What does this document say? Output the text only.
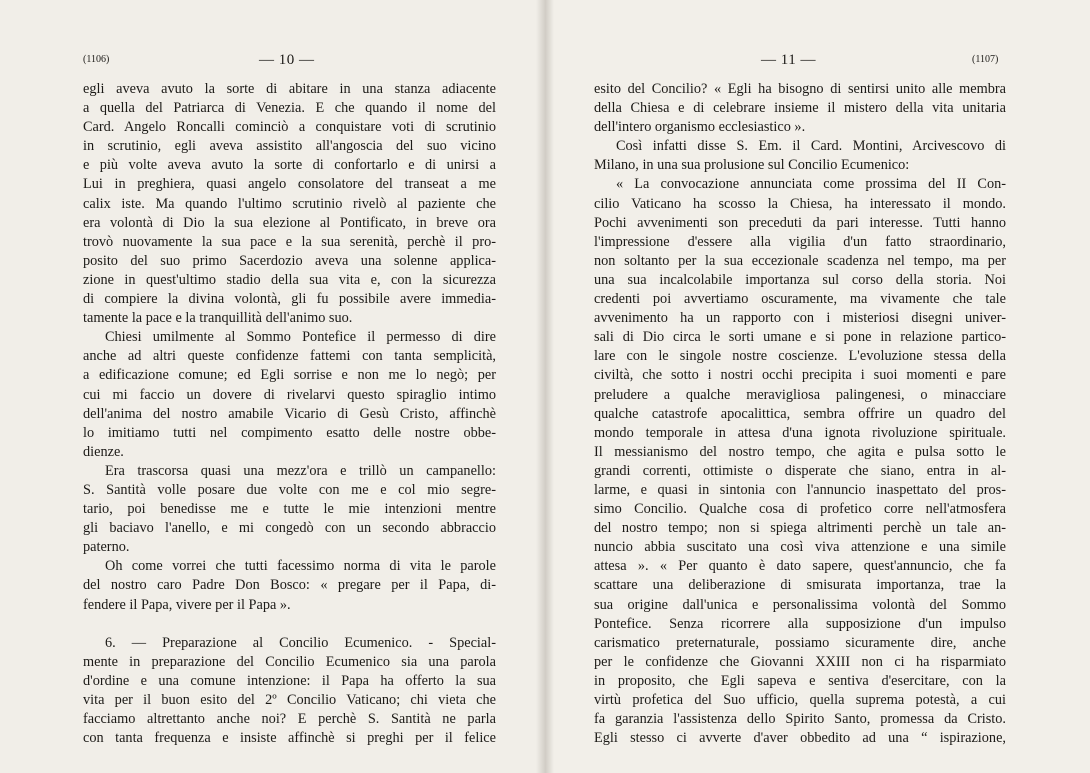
(1106)	— 10 —
egli aveva avuto la sorte di abitare in una stanza adiacente
a quella del Patriarca di Venezia. E che quando il nome del
Card. Angelo Roncalli cominciò a conquistare voti di scrutinio
in scrutinio, egli aveva assistito all'angoscia del suo vicino
e più volte aveva avuto la sorte di confortarlo e di unirsi a
Lui in preghiera, quasi angelo consolatore del transeat a me
calix iste. Ma quando l'ultimo scrutinio rivelò al paziente che
era volontà di Dio la sua elezione al Pontificato, in breve ora
trovò nuovamente la sua pace e la sua serenità, perchè il pro-
posito del suo primo Sacerdozio aveva una solenne applica-
zione in quest'ultimo stadio della sua vita e, con la sicurezza
di compiere la divina volontà, gli fu possibile avere immedia-
tamente la pace e la tranquillità dell'animo suo.
Chiesi umilmente al Sommo Pontefice il permesso di dire
anche ad altri queste confidenze fattemi con tanta semplicità,
a edificazione comune; ed Egli sorrise e non me lo negò; per
cui mi faccio un dovere di rivelarvi questo spiraglio intimo
dell'anima del nostro amabile Vicario di Gesù Cristo, affinchè
lo imitiamo tutti nel compimento esatto delle nostre obbe-
dienze.
Era trascorsa quasi una mezz'ora e trillò un campanello:
S. Santità volle posare due volte con me e col mio segre-
tario, poi benedisse me e tutte le mie intenzioni mentre
gli baciavo l'anello, e mi congedò con un secondo abbraccio
paterno.
Oh come vorrei che tutti facessimo norma di vita le parole
del nostro caro Padre Don Bosco: « pregare per il Papa, di-
fendere il Papa, vivere per il Papa ».
6. — Preparazione al Concilio Ecumenico. - Special-
mente in preparazione del Concilio Ecumenico sia una parola
d'ordine e una comune intenzione: il Papa ha offerto la sua
vita per il buon esito del 2º Concilio Vaticano; chi vieta che
facciamo altrettanto anche noi? E perchè S. Santità ne parla
con tanta frequenza e insiste affinchè si preghi per il felice
— 11 —	(1107)
esito del Concilio? « Egli ha bisogno di sentirsi unito alle membra
della Chiesa e di celebrare insieme il mistero della vita unitaria
dell'intero organismo ecclesiastico ».
Così infatti disse S. Em. il Card. Montini, Arcivescovo di
Milano, in una sua prolusione sul Concilio Ecumenico:
« La convocazione annunciata come prossima del II Con-
cilio Vaticano ha scosso la Chiesa, ha interessato il mondo.
Pochi avvenimenti son preceduti da pari interesse. Tutti hanno
l'impressione d'essere alla vigilia d'un fatto straordinario,
non soltanto per la sua eccezionale scadenza nel tempo, ma per
una sua incalcolabile importanza sul corso della storia. Noi
credenti poi avvertiamo oscuramente, ma vivamente che tale
avvenimento ha un rapporto con i misteriosi disegni univer-
sali di Dio circa le sorti umane e si pone in relazione partico-
lare con le singole nostre coscienze. L'evoluzione stessa della
civiltà, che sotto i nostri occhi precipita i suoi momenti e pare
preludere a qualche meravigliosa palingenesi, o minacciare
qualche catastrofe apocalittica, sembra offrire un quadro del
mondo temporale in attesa d'una ignota rivoluzione spirituale.
Il messianismo del nostro tempo, che agita e pulsa sotto le
grandi correnti, ottimiste o disperate che siano, entra in al-
larme, e quasi in sintonia con l'annuncio inaspettato del pros-
simo Concilio. Qualche cosa di profetico corre nell'atmosfera
del nostro tempo; non si spiega altrimenti perchè un tale an-
nuncio abbia suscitato una così viva attenzione e una simile
attesa ». « Per quanto è dato sapere, quest'annuncio, che fa
scattare una deliberazione di smisurata importanza, trae la
sua origine dall'unica e personalissima volontà del Sommo
Pontefice. Senza ricorrere alla supposizione d'un impulso
carismatico preternaturale, possiamo sicuramente dire, anche
per le confidenze che Giovanni XXIII non ci ha risparmiato
in proposito, che Egli sapeva e sentiva d'esercitare, con la
virtù profetica del Suo ufficio, quella suprema potestà, a cui
fa garanzia l'assistenza dello Spirito Santo, promessa da Cristo.
Egli stesso ci avverte d'aver obbedito ad una “ ispirazione,
